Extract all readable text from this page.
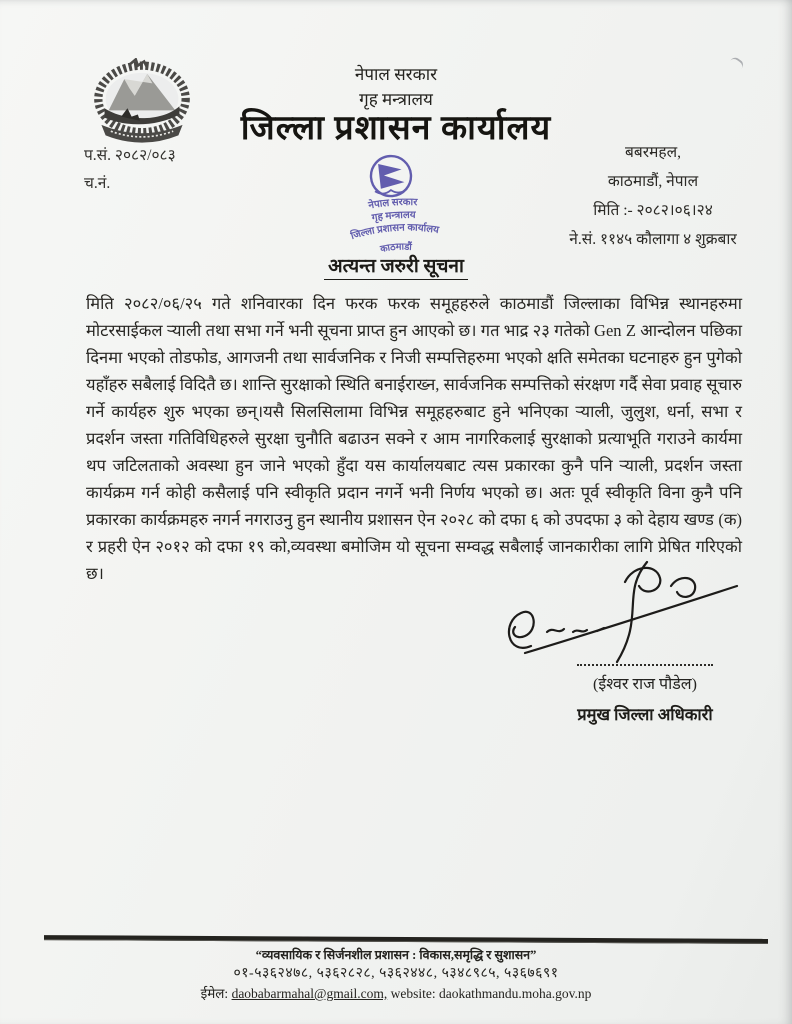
प.सं. २०८२/०८३
च.नं.
नेपाल सरकार
गृह मन्त्रालय
जिल्ला प्रशासन कार्यालय
नेपाल सरकार
गृह मन्त्रालय
जिल्ला प्रशासन कार्यालय
काठमाडौं
बबरमहल,
काठमाडौं, नेपाल
मिति :- २०८२।०६।२४
ने.सं. ११४५ कौलागा ४ शुक्रबार
अत्यन्त जरुरी सूचना

मिति २०८२/०६/२५ गते शनिवारका दिन फरक फरक समूहहरुले काठमाडौं जिल्लाका विभिन्न स्थानहरुमा मोटरसाईकल ऱ्याली तथा सभा गर्ने भनी सूचना प्राप्त हुन आएको छ। गत भाद्र २३ गतेको Gen Z आन्दोलन पछिका दिनमा भएको तोडफोड, आगजनी तथा सार्वजनिक र निजी सम्पत्तिहरुमा भएको क्षति समेतका घटनाहरु हुन पुगेको यहाँहरु सबैलाई विदितै छ। शान्ति सुरक्षाको स्थिति बनाईराख्न, सार्वजनिक सम्पत्तिको संरक्षण गर्दै सेवा प्रवाह सूचारु गर्ने कार्यहरु शुरु भएका छन्।यसै सिलसिलामा विभिन्न समूहहरुबाट हुने भनिएका ऱ्याली, जुलुश, धर्ना, सभा र प्रदर्शन जस्ता गतिविधिहरुले सुरक्षा चुनौति बढाउन सक्ने र आम नागरिकलाई सुरक्षाको प्रत्याभूति गराउने कार्यमा थप जटिलताको अवस्था हुन जाने भएको हुँदा यस कार्यालयबाट त्यस प्रकारका कुनै पनि ऱ्याली, प्रदर्शन जस्ता कार्यक्रम गर्न कोही कसैलाई पनि स्वीकृति प्रदान नगर्ने भनी निर्णय भएको छ। अतः पूर्व स्वीकृति विना कुनै पनि प्रकारका कार्यक्रमहरु नगर्न नगराउनु हुन स्थानीय प्रशासन ऐन २०२८ को दफा ६ को उपदफा ३ को देहाय खण्ड (क) र प्रहरी ऐन २०१२ को दफा १९ को,व्यवस्था बमोजिम यो सूचना सम्वद्ध सबैलाई जानकारीका लागि प्रेषित गरिएको छ।

(ईश्वर राज पौडेल)
प्रमुख जिल्ला अधिकारी
“व्यवसायिक र सिर्जनशील प्रशासन : विकास,समृद्धि र सुशासन”
०१-५३६२४७८, ५३६२८२८, ५३६२४४८, ५३४८९८५, ५३६७६९१
ईमेल: daobabarmahal@gmail.com, website: daokathmandu.moha.gov.np
